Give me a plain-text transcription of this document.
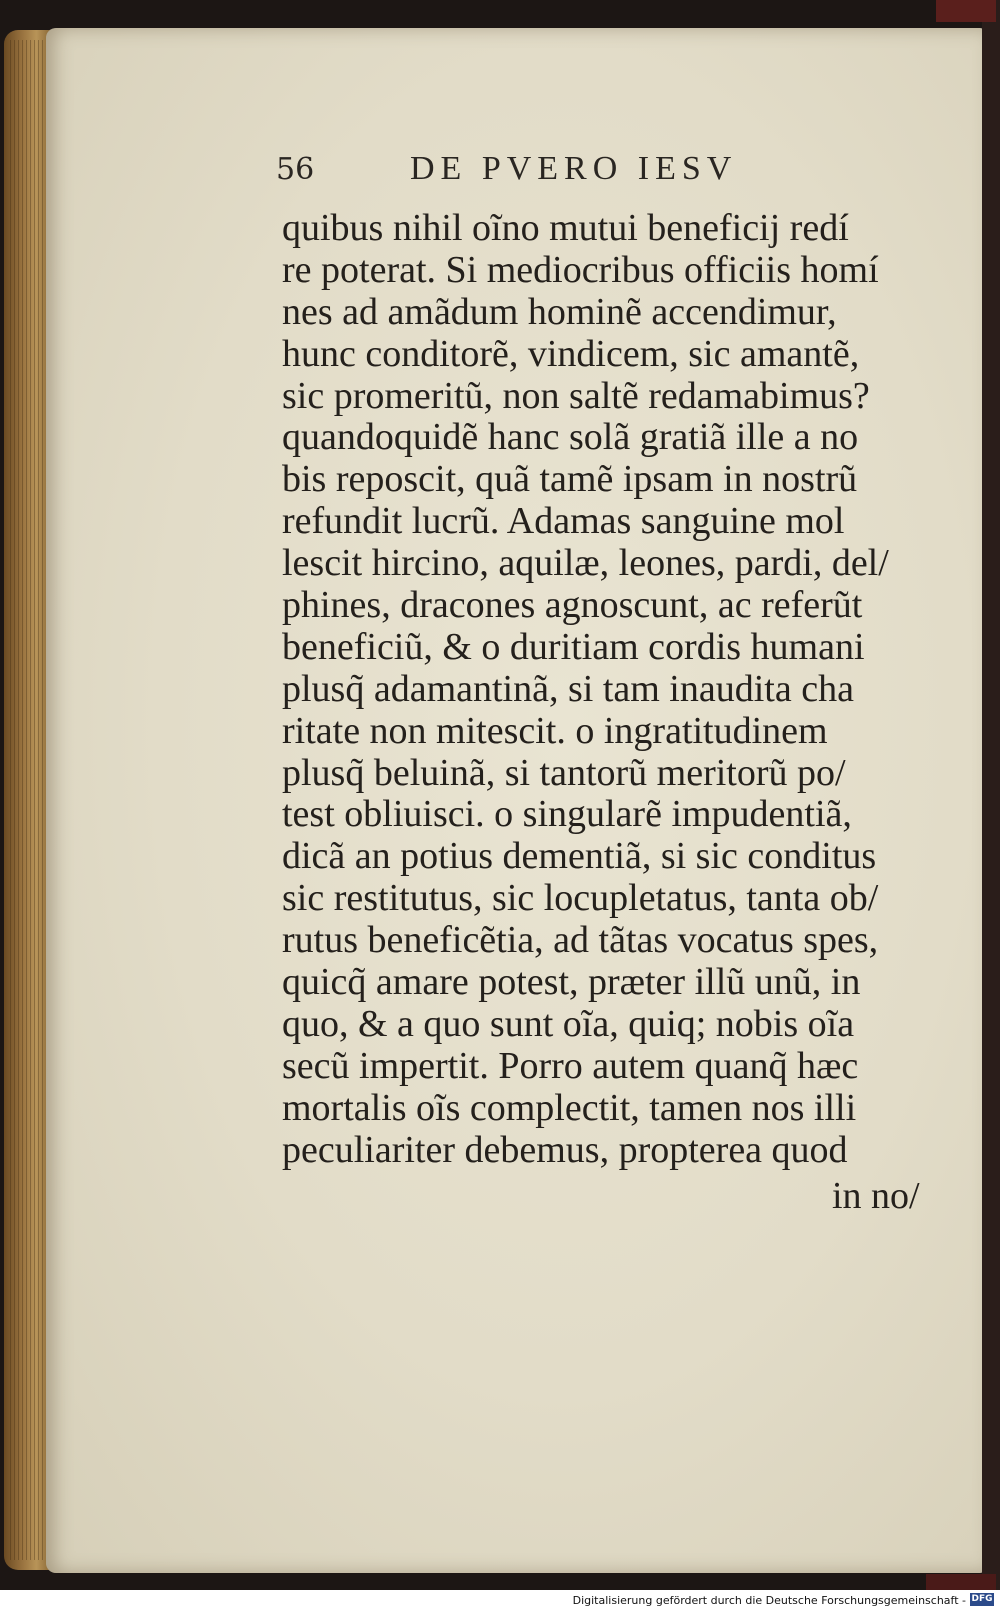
56	DE PVERO IESV
quibus nihil oĩno mutui beneficij redí
re poterat. Si mediocribus officiis homí
nes ad amãdum hominẽ accendimur,
hunc conditorẽ, vindicem, sic amantẽ,
sic promeritũ, non saltẽ redamabimus?
quandoquidẽ hanc solã gratiã ille a no
bis reposcit, quã tamẽ ipsam in nostrũ
refundit lucrũ. Adamas sanguine mol
lescit hircino, aquilæ, leones, pardi, del/
phines, dracones agnoscunt, ac referũt
beneficiũ, & o duritiam cordis humani
plusq̃ adamantinã, si tam inaudita cha
ritate non mitescit. o ingratitudinem
plusq̃ beluinã, si tantorũ meritorũ po/
test obliuisci. o singularẽ impudentiã,
dicã an potius dementiã, si sic conditus
sic restitutus, sic locupletatus, tanta ob/
rutus beneficẽtia, ad tãtas vocatus spes,
quicq̃ amare potest, præter illũ unũ, in
quo, & a quo sunt oĩa, quiq; nobis oĩa
secũ impertit. Porro autem quanq̃ hæc
mortalis oĩs complectit, tamen nos illi
peculiariter debemus, propterea quod
in no/
Digitalisierung gefördert durch die Deutsche Forschungsgemeinschaft - DFG
